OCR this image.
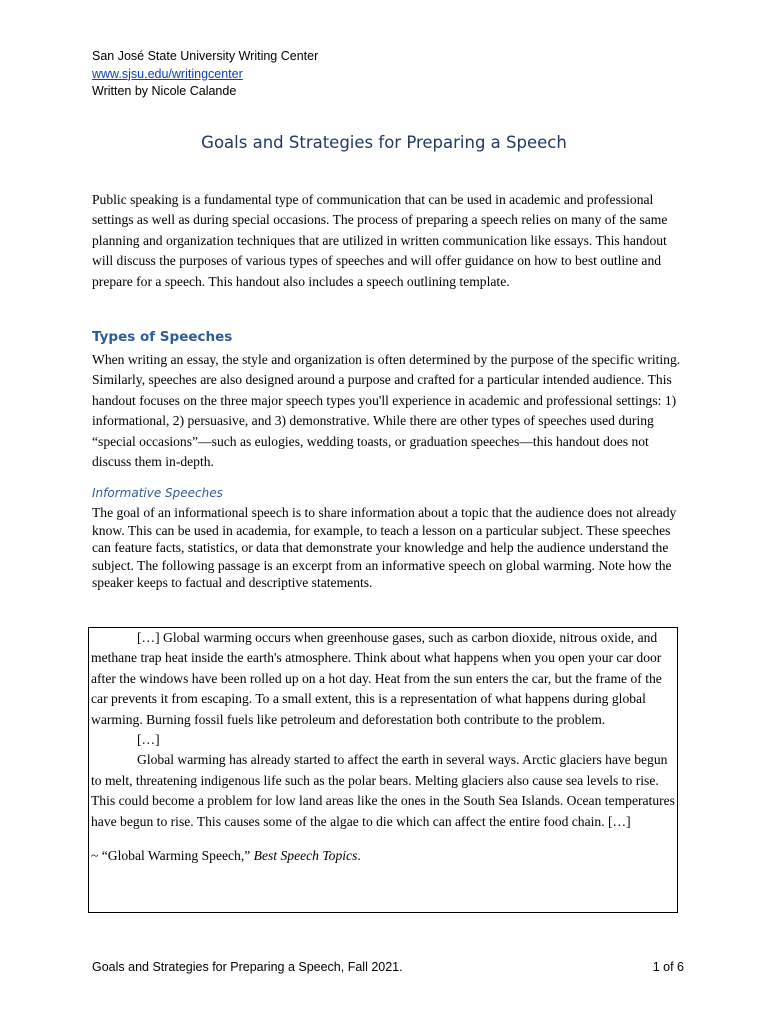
San José State University Writing Center
www.sjsu.edu/writingcenter
Written by Nicole Calande
Goals and Strategies for Preparing a Speech

Public speaking is a fundamental type of communication that can be used in academic and professional settings as well as during special occasions. The process of preparing a speech relies on many of the same planning and organization techniques that are utilized in written communication like essays. This handout will discuss the purposes of various types of speeches and will offer guidance on how to best outline and prepare for a speech. This handout also includes a speech outlining template.

Types of Speeches

When writing an essay, the style and organization is often determined by the purpose of the specific writing. Similarly, speeches are also designed around a purpose and crafted for a particular intended audience. This handout focuses on the three major speech types you'll experience in academic and professional settings: 1) informational, 2) persuasive, and 3) demonstrative. While there are other types of speeches used during “special occasions”—such as eulogies, wedding toasts, or graduation speeches—this handout does not discuss them in-depth.

Informative Speeches

The goal of an informational speech is to share information about a topic that the audience does not already know. This can be used in academia, for example, to teach a lesson on a particular subject. These speeches can feature facts, statistics, or data that demonstrate your knowledge and help the audience understand the subject. The following passage is an excerpt from an informative speech on global warming. Note how the speaker keeps to factual and descriptive statements.

[…] Global warming occurs when greenhouse gases, such as carbon dioxide, nitrous oxide, and methane trap heat inside the earth's atmosphere. Think about what happens when you open your car door after the windows have been rolled up on a hot day. Heat from the sun enters the car, but the frame of the car prevents it from escaping. To a small extent, this is a representation of what happens during global warming. Burning fossil fuels like petroleum and deforestation both contribute to the problem.

[…]

Global warming has already started to affect the earth in several ways. Arctic glaciers have begun to melt, threatening indigenous life such as the polar bears. Melting glaciers also cause sea levels to rise. This could become a problem for low land areas like the ones in the South Sea Islands. Ocean temperatures have begun to rise. This causes some of the algae to die which can affect the entire food chain. […]

~ “Global Warming Speech,” Best Speech Topics.

Goals and Strategies for Preparing a Speech, Fall 2021.	1 of 6
